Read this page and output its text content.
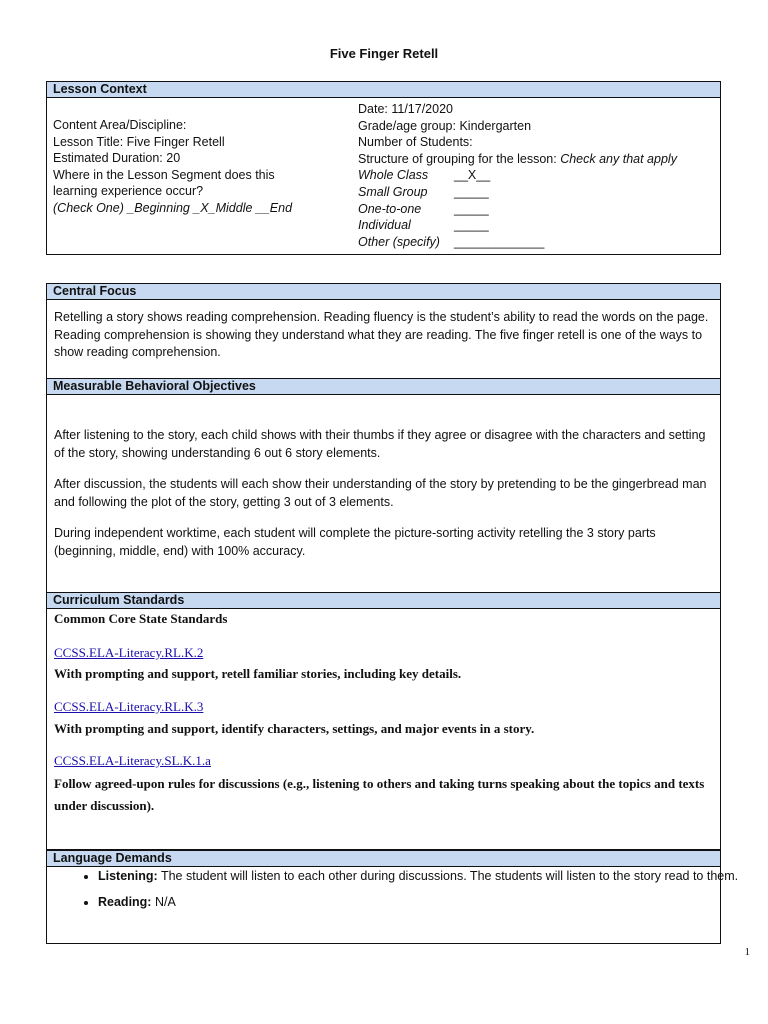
Five Finger Retell
Lesson Context
Content Area/Discipline:
Lesson Title: Five Finger Retell
Estimated Duration: 20
Where in the Lesson Segment does this
learning experience occur?
(Check One) _Beginning _X_Middle __End
Date: 11/17/2020
Grade/age group: Kindergarten
Number of Students:
Structure of grouping for the lesson: Check any that apply
Whole Class	__X__
Small Group	_____
One-to-one	_____
Individual	_____
Other (specify)	_____________
Central Focus
Retelling a story shows reading comprehension. Reading fluency is the student’s ability to read the words on the page. Reading comprehension is showing they understand what they are reading. The five finger retell is one of the ways to show reading comprehension.
Measurable Behavioral Objectives
After listening to the story, each child shows with their thumbs if they agree or disagree with the characters and setting of the story, showing understanding 6 out 6 story elements.
After discussion, the students will each show their understanding of the story by pretending to be the gingerbread man and following the plot of the story, getting 3 out of 3 elements.
During independent worktime, each student will complete the picture-sorting activity retelling the 3 story parts (beginning, middle, end) with 100% accuracy.
Curriculum Standards
Common Core State Standards
CCSS.ELA-Literacy.RL.K.2
With prompting and support, retell familiar stories, including key details.
CCSS.ELA-Literacy.RL.K.3
With prompting and support, identify characters, settings, and major events in a story.
CCSS.ELA-Literacy.SL.K.1.a
Follow agreed-upon rules for discussions (e.g., listening to others and taking turns speaking about the topics and texts under discussion).
Language Demands
• Listening: The student will listen to each other during discussions. The students will listen to the story read to them.
• Reading: N/A
1
